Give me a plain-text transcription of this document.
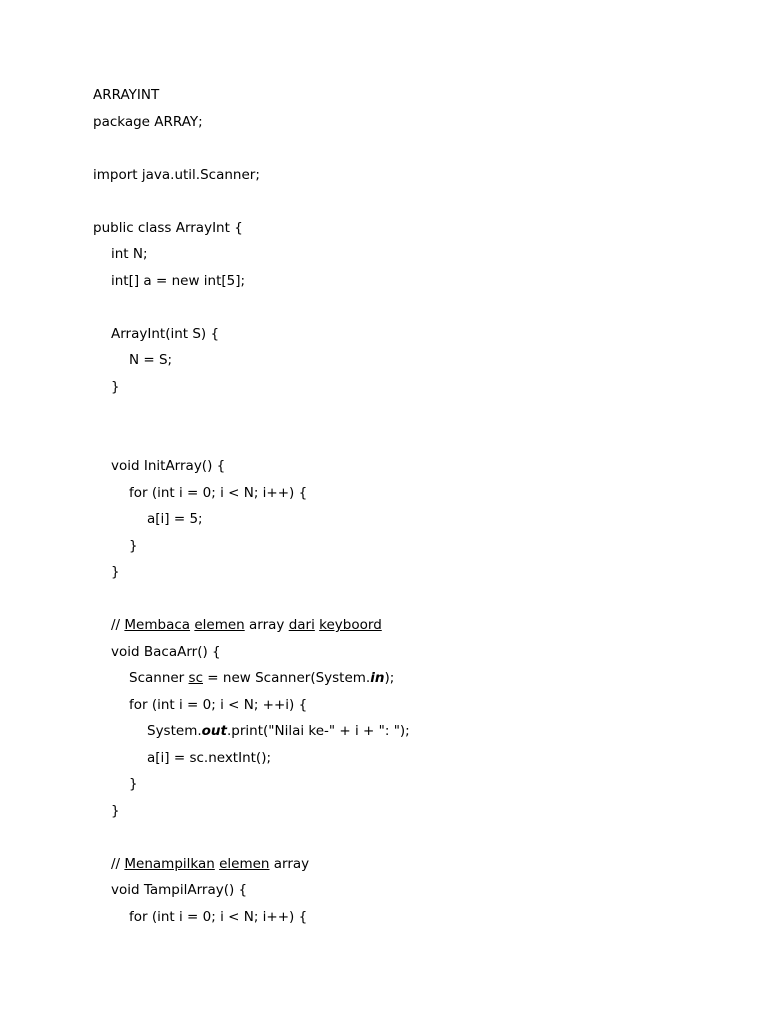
ARRAYINT
package ARRAY;
import java.util.Scanner;
public class ArrayInt {
int N;
int[] a = new int[5];
ArrayInt(int S) {
N = S;
}
void InitArray() {
for (int i = 0; i < N; i++) {
a[i] = 5;
}
}
// Membaca elemen array dari keyboord
void BacaArr() {
Scanner sc = new Scanner(System.in);
for (int i = 0; i < N; ++i) {
System.out.print("Nilai ke-" + i + ": ");
a[i] = sc.nextInt();
}
}
// Menampilkan elemen array
void TampilArray() {
for (int i = 0; i < N; i++) {
